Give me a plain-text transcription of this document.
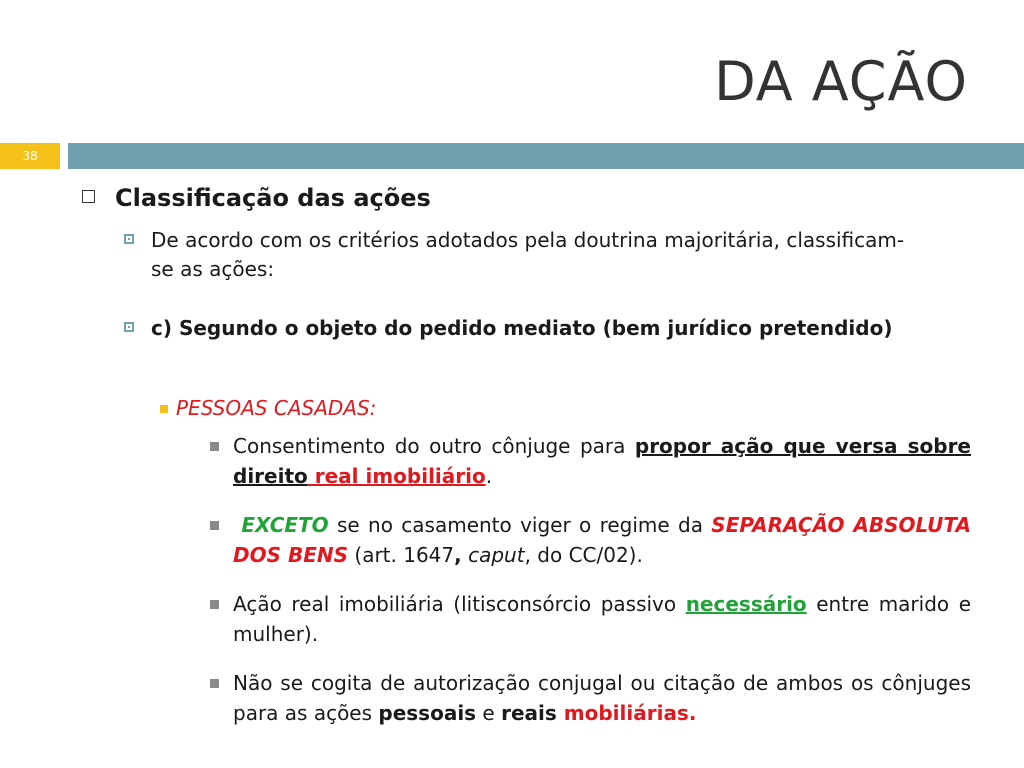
DA AÇÃO
38
Classificação das ações
De acordo com os critérios adotados pela doutrina majoritária, classificam-se as ações:
c) Segundo o objeto do pedido mediato (bem jurídico pretendido)
PESSOAS CASADAS:
Consentimento do outro cônjuge para propor ação que versa sobre direito real imobiliário.
EXCETO se no casamento viger o regime da SEPARAÇÃO ABSOLUTA DOS BENS (art. 1647, caput, do CC/02).
Ação real imobiliária (litisconsórcio passivo necessário entre marido e mulher).
Não se cogita de autorização conjugal ou citação de ambos os cônjuges para as ações pessoais e reais mobiliárias.
